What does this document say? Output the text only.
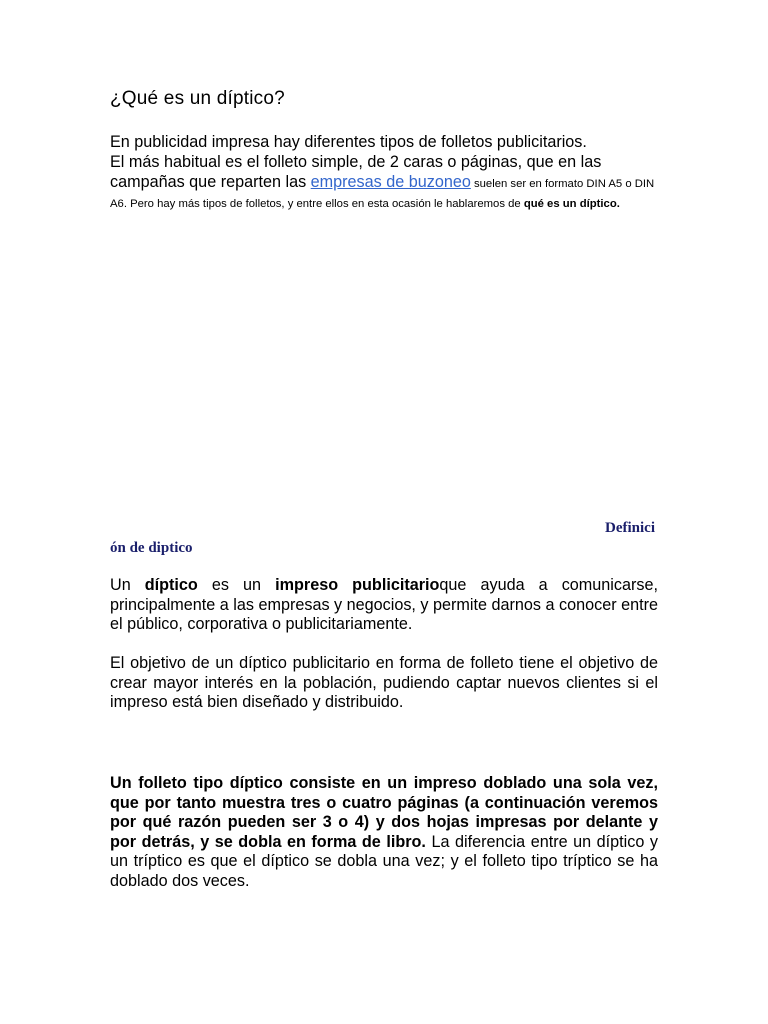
¿Qué es un díptico?

En publicidad impresa hay diferentes tipos de folletos publicitarios.
El más habitual es el folleto simple, de 2 caras o páginas, que en las
campañas que reparten las empresas de buzoneo suelen ser en formato DIN A5 o DIN A6. Pero hay más tipos de folletos, y entre ellos en esta ocasión le hablaremos de qué es un díptico.

Definici
ón de diptico

Un díptico es un impreso publicitarioque ayuda a comunicarse, principalmente a las empresas y negocios, y permite darnos a conocer entre el público, corporativa o publicitariamente.

El objetivo de un díptico publicitario en forma de folleto tiene el objetivo de crear mayor interés en la población, pudiendo captar nuevos clientes si el impreso está bien diseñado y distribuido.

Un folleto tipo díptico consiste en un impreso doblado una sola vez, que por tanto muestra tres o cuatro páginas (a continuación veremos por qué razón pueden ser 3 o 4) y dos hojas impresas por delante y por detrás, y se dobla en forma de libro. La diferencia entre un díptico y un tríptico es que el díptico se dobla una vez; y el folleto tipo tríptico se ha doblado dos veces.
